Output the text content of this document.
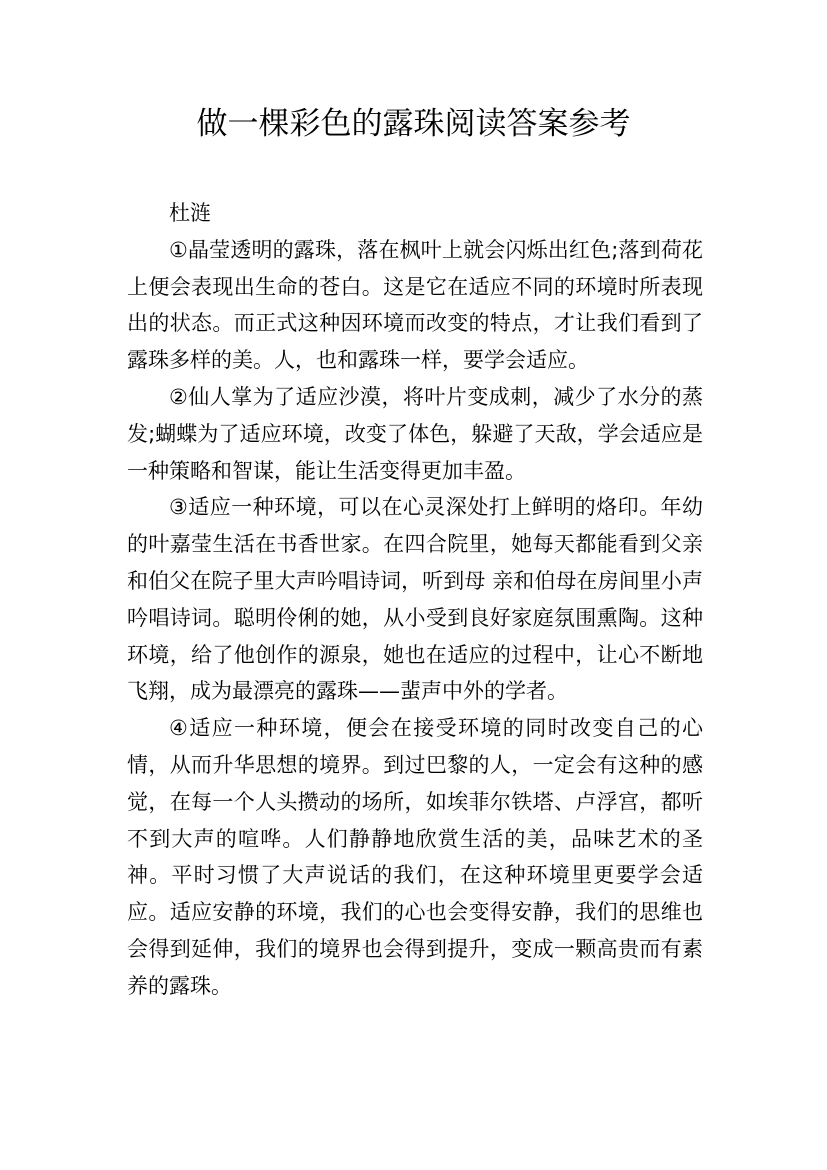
做一棵彩色的露珠阅读答案参考

杜涟

①晶莹透明的露珠，落在枫叶上就会闪烁出红色;落到荷花上便会表现出生命的苍白。这是它在适应不同的环境时所表现出的状态。而正式这种因环境而改变的特点，才让我们看到了露珠多样的美。人，也和露珠一样，要学会适应。

②仙人掌为了适应沙漠，将叶片变成刺，减少了水分的蒸发;蝴蝶为了适应环境，改变了体色，躲避了天敌，学会适应是一种策略和智谋，能让生活变得更加丰盈。

③适应一种环境，可以在心灵深处打上鲜明的烙印。年幼的叶嘉莹生活在书香世家。在四合院里，她每天都能看到父亲和伯父在院子里大声吟唱诗词，听到母 亲和伯母在房间里小声吟唱诗词。聪明伶俐的她，从小受到良好家庭氛围熏陶。这种环境，给了他创作的源泉，她也在适应的过程中，让心不断地飞翔，成为最漂亮的露珠——蜚声中外的学者。

④适应一种环境，便会在接受环境的同时改变自己的心情，从而升华思想的境界。到过巴黎的人，一定会有这种的感觉，在每一个人头攒动的场所，如埃菲尔铁塔、卢浮宫，都听不到大声的喧哗。人们静静地欣赏生活的美，品味艺术的圣神。平时习惯了大声说话的我们，在这种环境里更要学会适应。适应安静的环境，我们的心也会变得安静，我们的思维也会得到延伸，我们的境界也会得到提升，变成一颗高贵而有素养的露珠。
